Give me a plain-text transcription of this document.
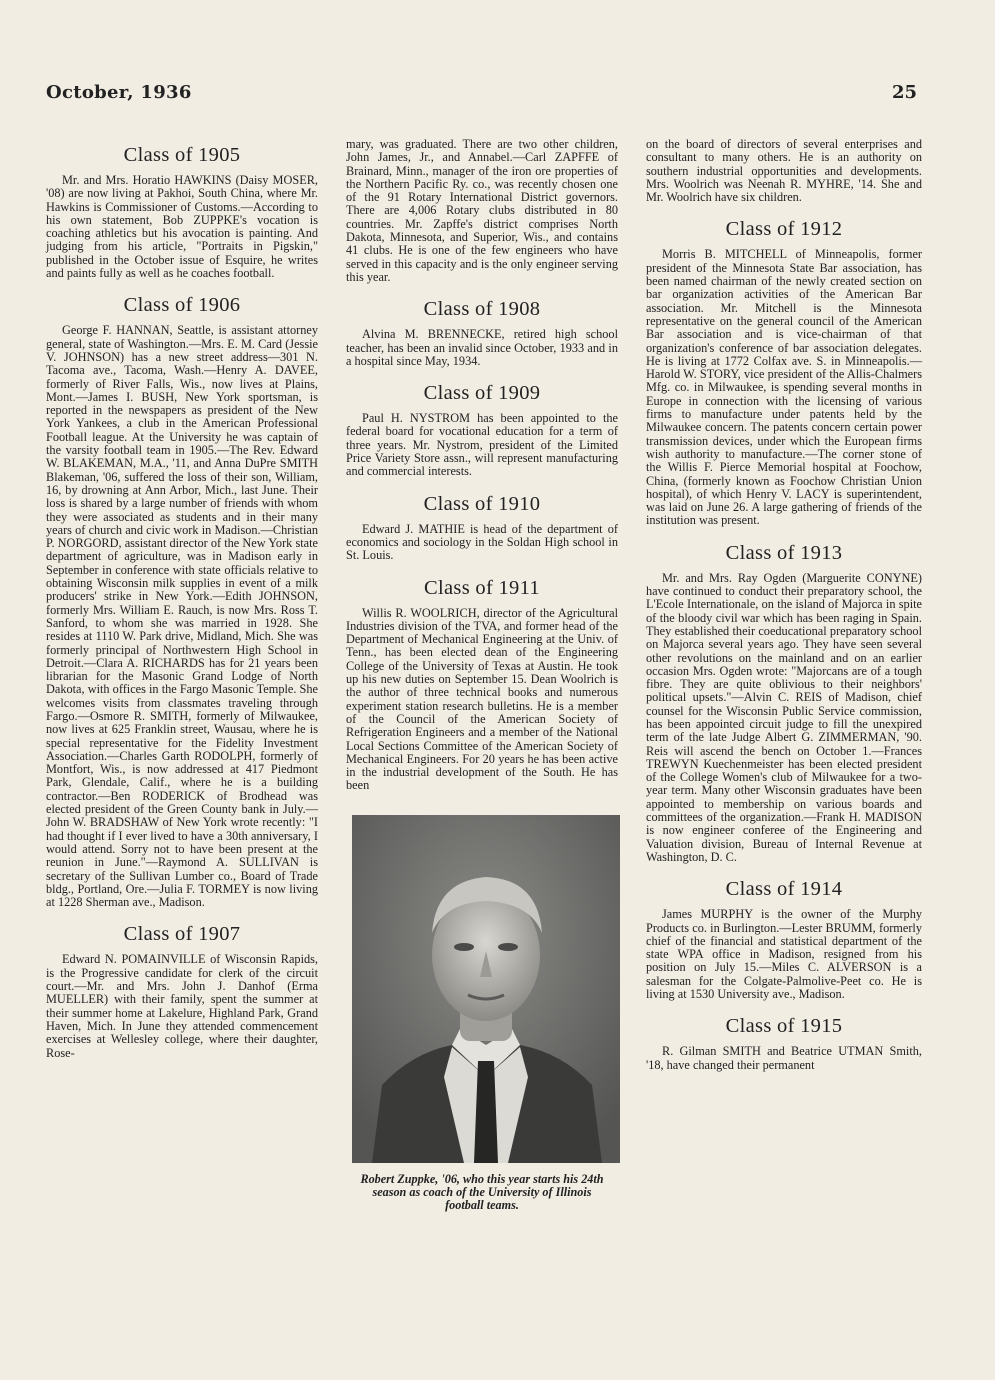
October, 1936	25
Class of 1905

Mr. and Mrs. Horatio HAWKINS (Daisy MOSER, '08) are now living at Pakhoi, South China, where Mr. Hawkins is Commissioner of Customs.—According to his own statement, Bob ZUPPKE's vocation is coaching athletics but his avocation is painting. And judging from his article, "Portraits in Pigskin," published in the October issue of Esquire, he writes and paints fully as well as he coaches football.

Class of 1906

George F. HANNAN, Seattle, is assistant attorney general, state of Washington.—Mrs. E. M. Card (Jessie V. JOHNSON) has a new street address—301 N. Tacoma ave., Tacoma, Wash.—Henry A. DAVEE, formerly of River Falls, Wis., now lives at Plains, Mont.—James I. BUSH, New York sportsman, is reported in the newspapers as president of the New York Yankees, a club in the American Professional Football league. At the University he was captain of the varsity football team in 1905.—The Rev. Edward W. BLAKEMAN, M.A., '11, and Anna DuPre SMITH Blakeman, '06, suffered the loss of their son, William, 16, by drowning at Ann Arbor, Mich., last June. Their loss is shared by a large number of friends with whom they were associated as students and in their many years of church and civic work in Madison.—Christian P. NORGORD, assistant director of the New York state department of agriculture, was in Madison early in September in conference with state officials relative to obtaining Wisconsin milk supplies in event of a milk producers' strike in New York.—Edith JOHNSON, formerly Mrs. William E. Rauch, is now Mrs. Ross T. Sanford, to whom she was married in 1928. She resides at 1110 W. Park drive, Midland, Mich. She was formerly principal of Northwestern High School in Detroit.—Clara A. RICHARDS has for 21 years been librarian for the Masonic Grand Lodge of North Dakota, with offices in the Fargo Masonic Temple. She welcomes visits from classmates traveling through Fargo.—Osmore R. SMITH, formerly of Milwaukee, now lives at 625 Franklin street, Wausau, where he is special representative for the Fidelity Investment Association.—Charles Garth RODOLPH, formerly of Montfort, Wis., is now addressed at 417 Piedmont Park, Glendale, Calif., where he is a building contractor.—Ben RODERICK of Brodhead was elected president of the Green County bank in July.—John W. BRADSHAW of New York wrote recently: "I had thought if I ever lived to have a 30th anniversary, I would attend. Sorry not to have been present at the reunion in June."—Raymond A. SULLIVAN is secretary of the Sullivan Lumber co., Board of Trade bldg., Portland, Ore.—Julia F. TORMEY is now living at 1228 Sherman ave., Madison.

Class of 1907

Edward N. POMAINVILLE of Wisconsin Rapids, is the Progressive candidate for clerk of the circuit court.—Mr. and Mrs. John J. Danhof (Erma MUELLER) with their family, spent the summer at their summer home at Lakelure, Highland Park, Grand Haven, Mich. In June they attended commencement exercises at Wellesley college, where their daughter, Rose-

mary, was graduated. There are two other children, John James, Jr., and Annabel.—Carl ZAPFFE of Brainard, Minn., manager of the iron ore properties of the Northern Pacific Ry. co., was recently chosen one of the 91 Rotary International District governors. There are 4,006 Rotary clubs distributed in 80 countries. Mr. Zapffe's district comprises North Dakota, Minnesota, and Superior, Wis., and contains 41 clubs. He is one of the few engineers who have served in this capacity and is the only engineer serving this year.

Class of 1908

Alvina M. BRENNECKE, retired high school teacher, has been an invalid since October, 1933 and in a hospital since May, 1934.

Class of 1909

Paul H. NYSTROM has been appointed to the federal board for vocational education for a term of three years. Mr. Nystrom, president of the Limited Price Variety Store assn., will represent manufacturing and commercial interests.

Class of 1910

Edward J. MATHIE is head of the department of economics and sociology in the Soldan High school in St. Louis.

Class of 1911

Willis R. WOOLRICH, director of the Agricultural Industries division of the TVA, and former head of the Department of Mechanical Engineering at the Univ. of Tenn., has been elected dean of the Engineering College of the University of Texas at Austin. He took up his new duties on September 15. Dean Woolrich is the author of three technical books and numerous experiment station research bulletins. He is a member of the Council of the American Society of Refrigeration Engineers and a member of the National Local Sections Committee of the American Society of Mechanical Engineers. For 20 years he has been active in the industrial development of the South. He has been

Robert Zuppke, '06, who this year starts his 24th season as coach of the University of Illinois football teams.

on the board of directors of several enterprises and consultant to many others. He is an authority on southern industrial opportunities and developments. Mrs. Woolrich was Neenah R. MYHRE, '14. She and Mr. Woolrich have six children.

Class of 1912

Morris B. MITCHELL of Minneapolis, former president of the Minnesota State Bar association, has been named chairman of the newly created section on bar organization activities of the American Bar association. Mr. Mitchell is the Minnesota representative on the general council of the American Bar association and is vice-chairman of that organization's conference of bar association delegates. He is living at 1772 Colfax ave. S. in Minneapolis.—Harold W. STORY, vice president of the Allis-Chalmers Mfg. co. in Milwaukee, is spending several months in Europe in connection with the licensing of various firms to manufacture under patents held by the Milwaukee concern. The patents concern certain power transmission devices, under which the European firms wish authority to manufacture.—The corner stone of the Willis F. Pierce Memorial hospital at Foochow, China, (formerly known as Foochow Christian Union hospital), of which Henry V. LACY is superintendent, was laid on June 26. A large gathering of friends of the institution was present.

Class of 1913

Mr. and Mrs. Ray Ogden (Marguerite CONYNE) have continued to conduct their preparatory school, the L'Ecole Internationale, on the island of Majorca in spite of the bloody civil war which has been raging in Spain. They established their coeducational preparatory school on Majorca several years ago. They have seen several other revolutions on the mainland and on an earlier occasion Mrs. Ogden wrote: "Majorcans are of a tough fibre. They are quite oblivious to their neighbors' political upsets."—Alvin C. REIS of Madison, chief counsel for the Wisconsin Public Service commission, has been appointed circuit judge to fill the unexpired term of the late Judge Albert G. ZIMMERMAN, '90. Reis will ascend the bench on October 1.—Frances TREWYN Kuechenmeister has been elected president of the College Women's club of Milwaukee for a two-year term. Many other Wisconsin graduates have been appointed to membership on various boards and committees of the organization.—Frank H. MADISON is now engineer conferee of the Engineering and Valuation division, Bureau of Internal Revenue at Washington, D. C.

Class of 1914

James MURPHY is the owner of the Murphy Products co. in Burlington.—Lester BRUMM, formerly chief of the financial and statistical department of the state WPA office in Madison, resigned from his position on July 15.—Miles C. ALVERSON is a salesman for the Colgate-Palmolive-Peet co. He is living at 1530 University ave., Madison.

Class of 1915

R. Gilman SMITH and Beatrice UTMAN Smith, '18, have changed their permanent
